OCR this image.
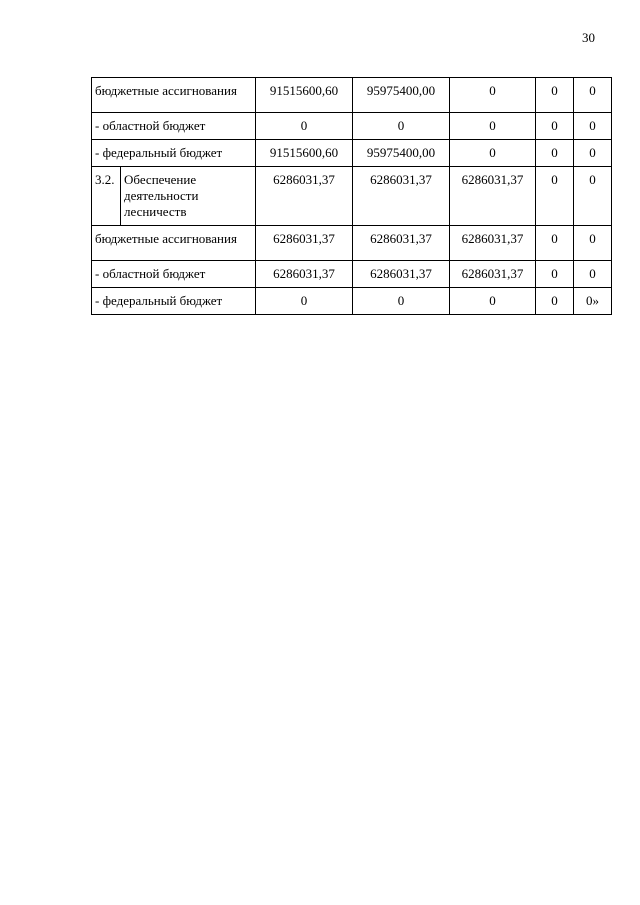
30
бюджетные ассигнования		91515600,60	95975400,00	0	0	0
- областной бюджет		0	0	0	0	0
- федеральный бюджет		91515600,60	95975400,00	0	0	0
3.2.	Обеспечение деятельности лесничеств	6286031,37	6286031,37	6286031,37	0	0
бюджетные ассигнования		6286031,37	6286031,37	6286031,37	0	0
- областной бюджет		6286031,37	6286031,37	6286031,37	0	0
- федеральный бюджет		0	0	0	0	0»
